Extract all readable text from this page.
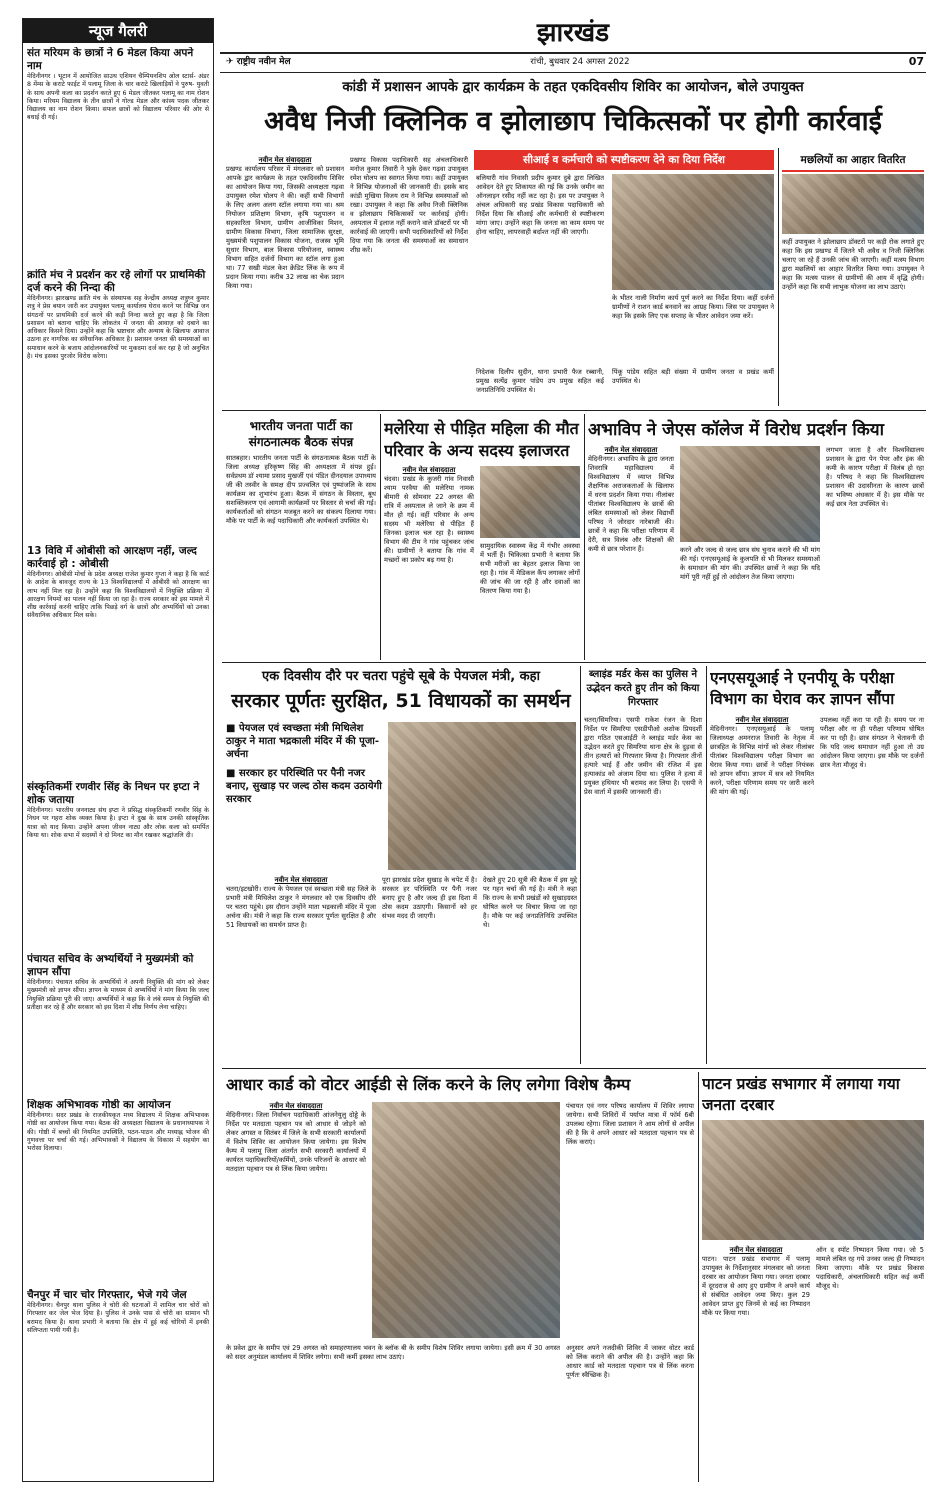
न्यूज गैलरी
संत मरियम के छात्रों ने 6 मेडल किया अपने नाम
मेदिनीनगर । भूटान में आयोजित साउथ एशियन चैम्पियनशिप ओल स्टार्स- अंडर 8 मेंम्स के कराटे फाईट में पलामू जिला के चार कराटे खिलाड़ियों ने पुरुष- युवती के साथ अपनी कला का प्रदर्शन करते हुए 6 मेडल जीतकर पलामू का नाम रोशन किया। मरियम विद्यालय के तीन छात्रों ने गोल्ड मेडल और कांस्य पदक जीतकर विद्यालय का नाम रोशन किया। सफल छात्रों को विद्यालय परिवार की ओर से बधाई दी गई।
क्रांति मंच ने प्रदर्शन कर रहे लोगों पर प्राथमिकी दर्ज करने की निन्दा की
मेदिनीनगर। झारखण्ड क्रांति मंच के संस्थापक सह केन्द्रीय अध्यक्ष शत्रुघ्न कुमार शत्रु ने प्रेस बयान जारी कर उपायुक्त पलामू कार्यालय घेराव करने पर विभिन्न जन संगठनों पर प्राथमिकी दर्ज करने की कड़ी निन्दा करते हुए कहा है कि जिला प्रशासन को बताना चाहिए कि लोकतंत्र में जनता की आवाज़ को दबाने का अधिकार किसने दिया। उन्होंने कहा कि भ्रष्टाचार और अन्याय के खिलाफ आवाज उठाना हर नागरिक का संवैधानिक अधिकार है। प्रशासन जनता की समस्याओं का समाधान करने के बजाय आंदोलनकारियों पर मुकदमा दर्ज कर रहा है जो अनुचित है। मंच इसका पुरजोर विरोध करेगा।
13 विवि में ओबीसी को आरक्षण नहीं, जल्द कार्रवाई हो : ओबीसी
मेदिनीनगर। ओबीसी मोर्चा के प्रदेश अध्यक्ष राजेश कुमार गुप्ता ने कहा है कि कार्ट के आदेश के बावजूद राज्य के 13 विश्वविद्यालयों में ओबीसी को आरक्षण का लाभ नहीं मिल रहा है। उन्होंने कहा कि विश्वविद्यालयों में नियुक्ति प्रक्रिया में आरक्षण नियमों का पालन नहीं किया जा रहा है। राज्य सरकार को इस मामले में शीघ्र कार्रवाई करनी चाहिए ताकि पिछड़े वर्ग के छात्रों और अभ्यर्थियों को उनका संवैधानिक अधिकार मिल सके।
संस्कृतिकर्मी रणवीर सिंह के निधन पर इप्टा ने शोक जताया
मेदिनीनगर। भारतीय जननाट्य संघ इप्टा ने प्रसिद्ध संस्कृतिकर्मी रणवीर सिंह के निधन पर गहरा शोक व्यक्त किया है। इप्टा ने दुख के साथ उनकी सांस्कृतिक यात्रा को याद किया। उन्होंने अपना जीवन नाट्य और लोक कला को समर्पित किया था। शोक सभा में सदस्यों ने दो मिनट का मौन रखकर श्रद्धांजलि दी।
पंचायत सचिव के अभ्यर्थियों ने मुख्यमंत्री को ज्ञापन सौंपा
मेदिनीनगर। पंचायत सचिव के अभ्यर्थियों ने अपनी नियुक्ति की मांग को लेकर मुख्यमंत्री को ज्ञापन सौंपा। ज्ञापन के माध्यम से अभ्यर्थियों ने मांग किया कि जल्द नियुक्ति प्रक्रिया पूरी की जाए। अभ्यर्थियों ने कहा कि वे लंबे समय से नियुक्ति की प्रतीक्षा कर रहे हैं और सरकार को इस दिशा में शीघ्र निर्णय लेना चाहिए।
शिक्षक अभिभावक गोष्ठी का आयोजन
मेदिनीनगर। सदर प्रखंड के राजकीयकृत मध्य विद्यालय में शिक्षक अभिभावक गोष्ठी का आयोजन किया गया। बैठक की अध्यक्षता विद्यालय के प्रधानाध्यापक ने की। गोष्ठी में बच्चों की नियमित उपस्थिति, पठन-पाठन और मध्याह्न भोजन की गुणवत्ता पर चर्चा की गई। अभिभावकों ने विद्यालय के विकास में सहयोग का भरोसा दिलाया।
चैनपुर में चार चोर गिरफ्तार, भेजे गये जेल
मेदिनीनगर। चैनपुर थाना पुलिस ने चोरी की घटनाओं में शामिल चार चोरों को गिरफ्तार कर जेल भेज दिया है। पुलिस ने उनके पास से चोरी का सामान भी बरामद किया है। थाना प्रभारी ने बताया कि क्षेत्र में हुई कई चोरियों में इनकी संलिप्तता पायी गयी है।
झारखंड
✈ राष्ट्रीय नवीन मेल	रांची, बुधवार 24 अगस्त 2022	07
कांडी में प्रशासन आपके द्वार कार्यक्रम के तहत एकदिवसीय शिविर का आयोजन, बोले उपायुक्त
अवैध निजी क्लिनिक व झोलाछाप चिकित्सकों पर होगी कार्रवाई
नवीन मेल संवाददाता
प्रखण्ड कार्यालय परिसर में मंगलवार को प्रशासन आपके द्वार कार्यक्रम के तहत एकदिवसीय शिविर का आयोजन किया गया, जिसकी अध्यक्षता गढ़वा उपायुक्त रमेश घोलप ने की। कहीं सभी विभागों के लिए अलग अलग स्टॉल लगाया गया था। श्रम नियोजन प्रशिक्षण विभाग, कृषि पशुपालन व सहकारिता विभाग, ग्रामीण आजीविका मिशन, ग्रामीण विकास विभाग, जिला सामाजिक सुरक्षा, मुख्यमंत्री पशुपालन विकास योजना, राजस्व भूमि सुधार विभाग, बाल विकास परियोजना, स्वास्थ्य विभाग सहित दर्जनों विभाग का स्टॉल लगा हुआ था। 77 सखी मंडल केश क्रेडिट लिंक के रूप में प्रदान किया गया। करीब 32 लाख का चेक प्रदान किया गया।
प्रखण्ड विकास पदाधिकारी सह अंचलाधिकारी मनोज कुमार तिवारी ने भुके देकर गढ़वा उपायुक्त रमेश घोलप का स्वागत किया गया। कहीं उपायुक्त ने विभिन्न योजनाओं की जानकारी दी। इसके बाद कांडी मुखिया विजय राम ने विभिन्न समस्याओं को रखा। उपायुक्त ने कहा कि अवैध निजी क्लिनिक व झोलाछाप चिकित्सकों पर कार्रवाई होगी। अस्पताल में इलाज नहीं कराने वाले डॉक्टरों पर भी कार्रवाई की जाएगी। सभी पदाधिकारियों को निर्देश दिया गया कि जनता की समस्याओं का समाधान शीघ्र करें।
सीआई व कर्मचारी को स्पष्टीकरण देने का दिया निर्देश
बलियारी गांव निवासी प्रदीप कुमार दुबे द्वारा लिखित आवेदन देते हुए शिकायत की गई कि उनके जमीन का ऑनलाइन रसीद नहीं कट रहा है। इस पर उपायुक्त ने अंचल अधिकारी सह प्रखंड विकास पदाधिकारी को निर्देश दिया कि सीआई और कर्मचारी से स्पष्टीकरण मांगा जाए। उन्होंने कहा कि जनता का काम समय पर होना चाहिए, लापरवाही बर्दाश्त नहीं की जाएगी।
के भीतर नाली निर्माण कार्य पूर्ण करने का निर्देश दिया। कहीं दर्जनों ग्रामीणों ने राशन कार्ड बनवाने का आग्रह किया। जिस पर उपायुक्त ने कहा कि इसके लिए एक सप्ताह के भीतर आवेदन जमा करें।
निदेशक दिलीप सुदीन, थाना प्रभारी फैज रब्बानी, प्रमुख सत्येंद्र कुमार पांडेय उप प्रमुख सहित कई जनप्रतिनिधि उपस्थित थे।
पिंकू पांडेय सहित बड़ी संख्या में ग्रामीण जनता व प्रखंड कर्मी उपस्थित थे।
मछलियों का आहार वितरित
कहीं उपायुक्त ने झोलाछाप डॉक्टरों पर कड़ी रोक लगाते हुए कहा कि इस प्रखण्ड में जितने भी अवैध व निजी क्लिनिक चलाए जा रहे हैं उनकी जांच की जाएगी। कहीं मत्स्य विभाग द्वारा मछलियों का आहार वितरित किया गया। उपायुक्त ने कहा कि मत्स्य पालन से ग्रामीणों की आय में वृद्धि होगी। उन्होंने कहा कि सभी लाभुक योजना का लाभ उठाएं।
भारतीय जनता पार्टी का संगठनात्मक बैठक संपन्न
सातबहार। भारतीय जनता पार्टी के संगठनात्मक बैठक पार्टी के जिला अध्यक्ष हरिकृष्ण सिंह की अध्यक्षता में संपन्न हुई। सर्वप्रथम डॉ श्यामा प्रसाद मुखर्जी एवं पंडित दीनदयाल उपाध्याय जी की तस्वीर के समक्ष दीप प्रज्वलित एवं पुष्पांजलि के साथ कार्यक्रम का शुभारंभ हुआ। बैठक में संगठन के विस्तार, बूथ सशक्तिकरण एवं आगामी कार्यक्रमों पर विस्तार से चर्चा की गई। कार्यकर्ताओं को संगठन मजबूत करने का संकल्प दिलाया गया। मौके पर पार्टी के कई पदाधिकारी और कार्यकर्ता उपस्थित थे।
मलेरिया से पीड़ित महिला की मौत परिवार के अन्य सदस्य इलाजरत
नवीन मेल संवाददाता
चंदवा। प्रखंड के कुजरी गांव निवासी श्याम परवैया की मलेरिया नामक बीमारी से सोमवार 22 अगस्त की रात्रि में अस्पताल ले जाने के क्रम में मौत हो गई। वहीं परिवार के अन्य सदस्य भी मलेरिया से पीड़ित हैं जिनका इलाज चल रहा है। स्वास्थ्य विभाग की टीम ने गांव पहुंचकर जांच की। ग्रामीणों ने बताया कि गांव में मच्छरों का प्रकोप बढ़ गया है।
सामुदायिक स्वास्थ्य केंद्र में गंभीर अवस्था में भर्ती हैं। चिकित्सा प्रभारी ने बताया कि सभी मरीजों का बेहतर इलाज किया जा रहा है। गांव में मेडिकल कैंप लगाकर लोगों की जांच की जा रही है और दवाओं का वितरण किया गया है।
अभाविप ने जेएस कॉलेज में विरोध प्रदर्शन किया
नवीन मेल संवाददाता
मेदिनीनगर। अभाविप के द्वारा जनता शिवरात्रि महाविद्यालय में विश्वविद्यालय में व्याप्त विभिन्न शैक्षणिक अराजकताओं के खिलाफ में धरना प्रदर्शन किया गया। नीलांबर पीतांबर विश्वविद्यालय के छात्रों की लंबित समस्याओं को लेकर विद्यार्थी परिषद ने जोरदार नारेबाजी की। छात्रों ने कहा कि परीक्षा परिणाम में देरी, सत्र विलंब और शिक्षकों की कमी से छात्र परेशान हैं।	करने और जल्द से जल्द छात्र संघ चुनाव कराने की भी मांग की गई। एनएसयूआई के कुलपति से भी मिलकर समस्याओं के समाधान की मांग की। उपस्थित छात्रों ने कहा कि यदि मांगें पूरी नहीं हुईं तो आंदोलन तेज किया जाएगा।
लगभग जाता है और विश्वविद्यालय प्रशासन के द्वारा पेन पेपर और इंक की कमी के कारण परीक्षा में विलंब हो रहा है। परिषद ने कहा कि विश्वविद्यालय प्रशासन की उदासीनता के कारण छात्रों का भविष्य अंधकार में है। इस मौके पर कई छात्र नेता उपस्थित थे।
एक दिवसीय दौरे पर चतरा पहुंचे सूबे के पेयजल मंत्री, कहा
सरकार पूर्णतः सुरक्षित, 51 विधायकों का समर्थन
■ पेयजल एवं स्वच्छता मंत्री मिथिलेश ठाकुर ने माता भद्रकाली मंदिर में की पूजा-अर्चना
■ सरकार हर परिस्थिति पर पैनी नजर बनाए, सुखाड़ पर जल्द ठोस कदम उठायेगी सरकार
नवीन मेल संवाददाता
चतरा/इटखोरी। राज्य के पेयजल एवं स्वच्छता मंत्री सह जिले के प्रभारी मंत्री मिथिलेश ठाकुर ने मंगलवार को एक दिवसीय दौरे पर चतरा पहुंचे। इस दौरान उन्होंने माता भद्रकाली मंदिर में पूजा अर्चना की। मंत्री ने कहा कि राज्य सरकार पूर्णतः सुरक्षित है और 51 विधायकों का समर्थन प्राप्त है।
पूरा झारखंड प्रदेश सुखाड़ के चपेट में है। सरकार हर परिस्थिति पर पैनी नजर बनाए हुए है और जल्द ही इस दिशा में ठोस कदम उठाएगी। किसानों को हर संभव मदद दी जाएगी।
देखते हुए 20 सूत्री की बैठक में इस मुद्दे पर गहन चर्चा की गई है। मंत्री ने कहा कि राज्य के सभी प्रखंडों को सुखाड़ग्रस्त घोषित करने पर विचार किया जा रहा है। मौके पर कई जनप्रतिनिधि उपस्थित थे।
ब्लाइंड मर्डर केस का पुलिस ने उद्भेदन करते हुए तीन को किया गिरफ्तार
चतरा/सिमरिया। एसपी राकेश रंजन के दिशा निर्देश पर सिमरिया एसडीपीओ अशोक प्रियदर्शी द्वारा गठित एसआईटी ने ब्लाइंड मर्डर केस का उद्भेदन करते हुए सिमरिया थाना क्षेत्र के दुड़वा से तीन हत्यारों को गिरफ्तार किया है। गिरफ्तार तीनों हत्यारे भाई हैं और जमीन की रंजिश में इस हत्याकांड को अंजाम दिया था। पुलिस ने हत्या में प्रयुक्त हथियार भी बरामद कर लिया है। एसपी ने प्रेस वार्ता में इसकी जानकारी दी।
एनएसयूआई ने एनपीयू के परीक्षा विभाग का घेराव कर ज्ञापन सौंपा
नवीन मेल संवाददाता
मेदिनीनगर। एनएसयूआई के पलामू जिलाध्यक्ष अमनराज तिवारी के नेतृत्व में छात्रहित के विभिन्न मांगों को लेकर नीलांबर पीतांबर विश्वविद्यालय परीक्षा विभाग का घेराव किया गया। छात्रों ने परीक्षा नियंत्रक को ज्ञापन सौंपा। ज्ञापन में सत्र को नियमित करने, परीक्षा परिणाम समय पर जारी करने की मांग की गई।
उपलब्ध नहीं करा पा रही है। समय पर ना परीक्षा और ना ही परीक्षा परिणाम घोषित कर पा रही है। छात्र संगठन ने चेतावनी दी कि यदि जल्द समाधान नहीं हुआ तो उग्र आंदोलन किया जाएगा। इस मौके पर दर्जनों छात्र नेता मौजूद थे।
आधार कार्ड को वोटर आईडी से लिंक करने के लिए लगेगा विशेष कैम्प
नवीन मेल संवाददाता
मेदिनीनगर। जिला निर्वाचन पदाधिकारी आंजनेयुलु दोड्डे के निर्देश पर मतदाता पहचान पत्र को आधार से जोड़ने को लेकर अगस्त व सितंबर में जिले के सभी सरकारी कार्यालयों में विशेष शिविर का आयोजन किया जायेगा। इस विशेष कैम्प में पलामू जिला अंतर्गत सभी सरकारी कार्यालयों में कार्यरत पदाधिकारियों/कर्मियों, उनके परिजनों के आधार को मतदाता पहचान पत्र से लिंक किया जायेगा।
के प्रवेश द्वार के समीप एवं 29 अगस्त को समाहरणालय भवन के ब्लॉक बी के समीप विशेष शिविर लगाया जायेगा। इसी क्रम में 30 अगस्त को सदर अनुमंडल कार्यालय में शिविर लगेगा। सभी कर्मी इसका लाभ उठाएं।
पंचायत एवं नगर परिषद कार्यालय में शिविर लगाया जायेगा। सभी शिविरों में पर्याप्त मात्रा में फॉर्म 6बी उपलब्ध रहेगा। जिला प्रशासन ने आम लोगों से अपील की है कि वे अपने आधार को मतदाता पहचान पत्र से लिंक कराएं।
अनुसार अपने नजदीकी शिविर में जाकर वोटर कार्ड को लिंक कराने की अपील की है। उन्होंने कहा कि आधार कार्ड को मतदाता पहचान पत्र से लिंक करना पूर्णतः स्वैच्छिक है।
पाटन प्रखंड सभागार में लगाया गया जनता दरबार
नवीन मेल संवाददाता
पाटन। पाटन प्रखंड सभागार में पलामू उपायुक्त के निर्देशानुसार मंगलवार को जनता दरबार का आयोजन किया गया। जनता दरबार में दूरदराज से आए हुए ग्रामीण ने अपने कार्य से संबंधित आवेदन जमा किए। कुल 29 आवेदन प्राप्त हुए जिनमें से कई का निष्पादन मौके पर किया गया।
ऑन द स्पॉट निष्पादन किया गया। जो 5 मामले लंबित रह गये उनका जल्द ही निष्पादन किया जाएगा। मौके पर प्रखंड विकास पदाधिकारी, अंचलाधिकारी सहित कई कर्मी मौजूद थे।
